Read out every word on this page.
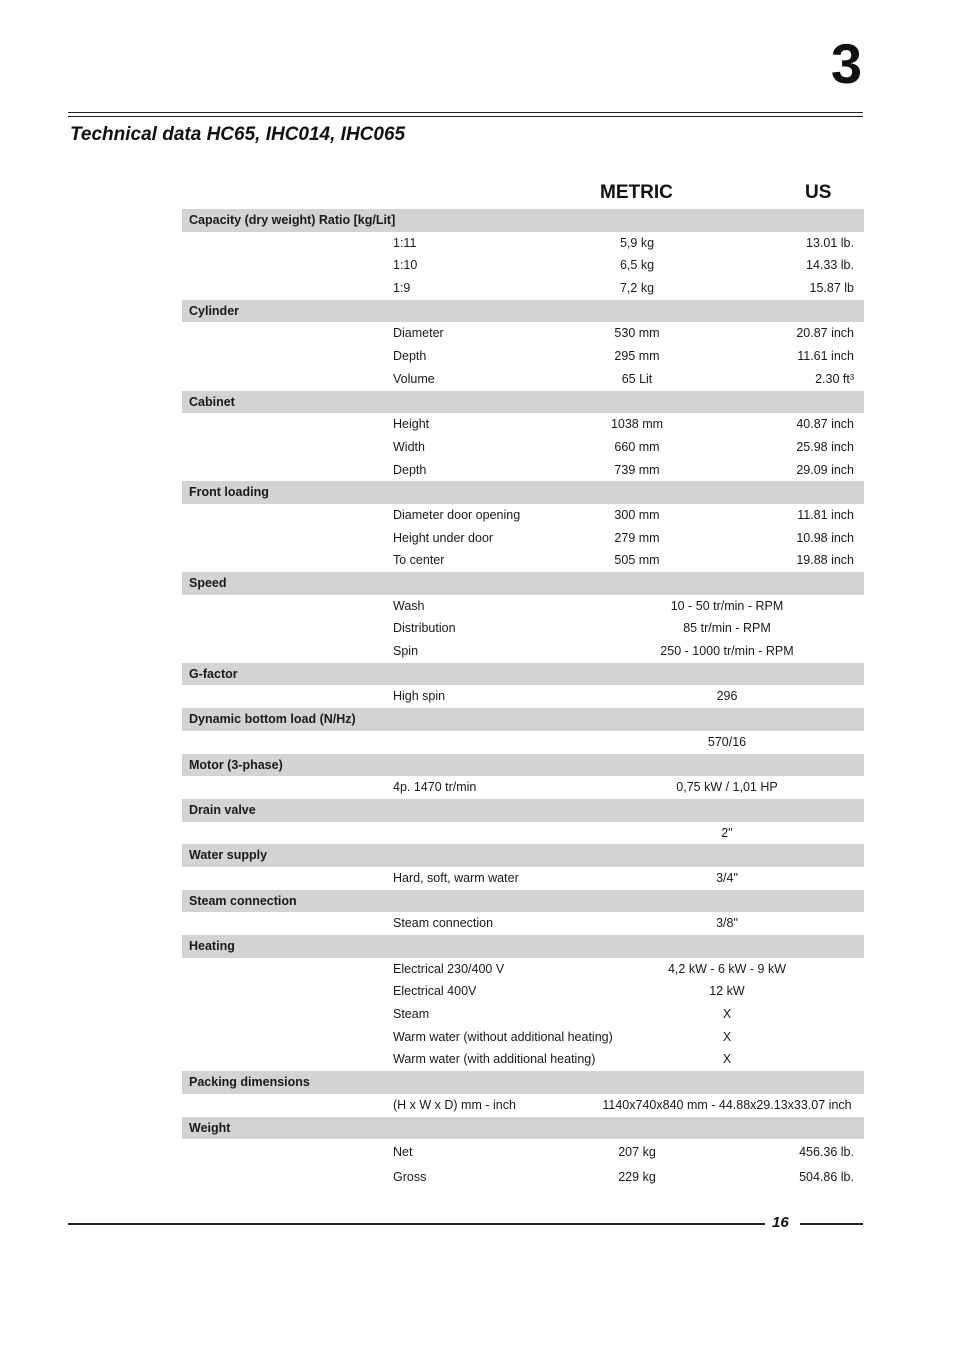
3
Technical data HC65, IHC014, IHC065
METRIC	US
Capacity (dry weight) Ratio [kg/Lit]
1:11	5,9 kg	13.01 lb.
1:10	6,5 kg	14.33 lb.
1:9	7,2 kg	15.87 lb
Cylinder
Diameter	530 mm	20.87 inch
Depth	295 mm	11.61 inch
Volume	65 Lit	2.30 ft³
Cabinet
Height	1038 mm	40.87 inch
Width	660 mm	25.98 inch
Depth	739 mm	29.09 inch
Front loading
Diameter door opening	300 mm	11.81 inch
Height under door	279 mm	10.98 inch
To center	505 mm	19.88 inch
Speed
Wash	10 - 50 tr/min - RPM
Distribution	85 tr/min - RPM
Spin	250 - 1000 tr/min - RPM
G-factor
High spin	296
Dynamic bottom load (N/Hz)
570/16
Motor (3-phase)
4p. 1470 tr/min	0,75 kW / 1,01 HP
Drain valve
2"
Water supply
Hard, soft, warm water	3/4"
Steam connection
Steam connection	3/8"
Heating
Electrical 230/400 V	4,2 kW - 6 kW - 9 kW
Electrical 400V	12 kW
Steam	X
Warm water (without additional heating)	X
Warm water (with additional heating)	X
Packing dimensions
(H x W x D) mm - inch	1140x740x840 mm - 44.88x29.13x33.07 inch
Weight
Net	207 kg	456.36 lb.
Gross	229 kg	504.86 lb.
16
